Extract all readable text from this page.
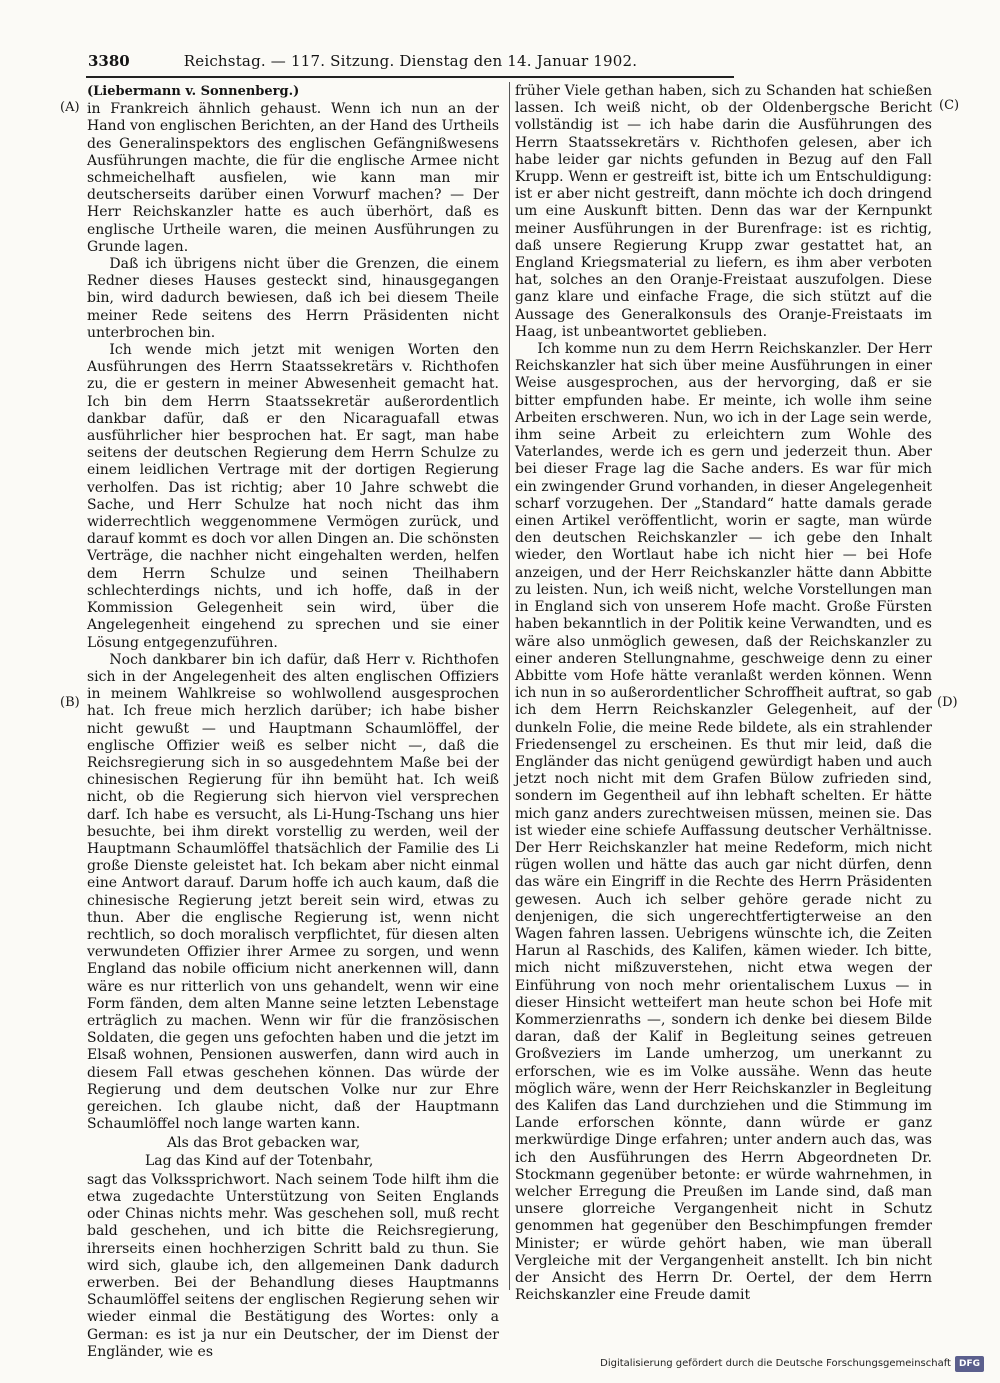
3380	Reichstag. — 117. Sitzung. Dienstag den 14. Januar 1902.
(A)
(B)
(C)
(D)
(Liebermann v. Sonnenberg.)

in Frankreich ähnlich gehaust. Wenn ich nun an der Hand von englischen Berichten, an der Hand des Urtheils des Generalinspektors des englischen Gefängnißwesens Ausführungen machte, die für die englische Armee nicht schmeichelhaft ausfielen, wie kann man mir deutscherseits darüber einen Vorwurf machen? — Der Herr Reichskanzler hatte es auch überhört, daß es englische Urtheile waren, die meinen Ausführungen zu Grunde lagen.

Daß ich übrigens nicht über die Grenzen, die einem Redner dieses Hauses gesteckt sind, hinausgegangen bin, wird dadurch bewiesen, daß ich bei diesem Theile meiner Rede seitens des Herrn Präsidenten nicht unterbrochen bin.

Ich wende mich jetzt mit wenigen Worten den Ausführungen des Herrn Staatssekretärs v. Richthofen zu, die er gestern in meiner Abwesenheit gemacht hat. Ich bin dem Herrn Staatssekretär außerordentlich dankbar dafür, daß er den Nicaraguafall etwas ausführlicher hier besprochen hat. Er sagt, man habe seitens der deutschen Regierung dem Herrn Schulze zu einem leidlichen Vertrage mit der dortigen Regierung verholfen. Das ist richtig; aber 10 Jahre schwebt die Sache, und Herr Schulze hat noch nicht das ihm widerrechtlich weggenommene Vermögen zurück, und darauf kommt es doch vor allen Dingen an. Die schönsten Verträge, die nachher nicht eingehalten werden, helfen dem Herrn Schulze und seinen Theilhabern schlechterdings nichts, und ich hoffe, daß in der Kommission Gelegenheit sein wird, über die Angelegenheit eingehend zu sprechen und sie einer Lösung entgegenzuführen.

Noch dankbarer bin ich dafür, daß Herr v. Richthofen sich in der Angelegenheit des alten englischen Offiziers in meinem Wahlkreise so wohlwollend ausgesprochen hat. Ich freue mich herzlich darüber; ich habe bisher nicht gewußt — und Hauptmann Schaumlöffel, der englische Offizier weiß es selber nicht —, daß die Reichsregierung sich in so ausgedehntem Maße bei der chinesischen Regierung für ihn bemüht hat. Ich weiß nicht, ob die Regierung sich hiervon viel versprechen darf. Ich habe es versucht, als Li-Hung-Tschang uns hier besuchte, bei ihm direkt vorstellig zu werden, weil der Hauptmann Schaumlöffel thatsächlich der Familie des Li große Dienste geleistet hat. Ich bekam aber nicht einmal eine Antwort darauf. Darum hoffe ich auch kaum, daß die chinesische Regierung jetzt bereit sein wird, etwas zu thun. Aber die englische Regierung ist, wenn nicht rechtlich, so doch moralisch verpflichtet, für diesen alten verwundeten Offizier ihrer Armee zu sorgen, und wenn England das nobile officium nicht anerkennen will, dann wäre es nur ritterlich von uns gehandelt, wenn wir eine Form fänden, dem alten Manne seine letzten Lebenstage erträglich zu machen. Wenn wir für die französischen Soldaten, die gegen uns gefochten haben und die jetzt im Elsaß wohnen, Pensionen auswerfen, dann wird auch in diesem Fall etwas geschehen können. Das würde der Regierung und dem deutschen Volke nur zur Ehre gereichen. Ich glaube nicht, daß der Hauptmann Schaumlöffel noch lange warten kann.

Als das Brot gebacken war,
Lag das Kind auf der Totenbahr,

sagt das Volkssprichwort. Nach seinem Tode hilft ihm die etwa zugedachte Unterstützung von Seiten Englands oder Chinas nichts mehr. Was geschehen soll, muß recht bald geschehen, und ich bitte die Reichsregierung, ihrerseits einen hochherzigen Schritt bald zu thun. Sie wird sich, glaube ich, den allgemeinen Dank dadurch erwerben. Bei der Behandlung dieses Hauptmanns Schaumlöffel seitens der englischen Regierung sehen wir wieder einmal die Bestätigung des Wortes: only a German: es ist ja nur ein Deutscher, der im Dienst der Engländer, wie es

früher Viele gethan haben, sich zu Schanden hat schießen lassen. Ich weiß nicht, ob der Oldenbergsche Bericht vollständig ist — ich habe darin die Ausführungen des Herrn Staatssekretärs v. Richthofen gelesen, aber ich habe leider gar nichts gefunden in Bezug auf den Fall Krupp. Wenn er gestreift ist, bitte ich um Entschuldigung: ist er aber nicht gestreift, dann möchte ich doch dringend um eine Auskunft bitten. Denn das war der Kernpunkt meiner Ausführungen in der Burenfrage: ist es richtig, daß unsere Regierung Krupp zwar gestattet hat, an England Kriegsmaterial zu liefern, es ihm aber verboten hat, solches an den Oranje-Freistaat auszufolgen. Diese ganz klare und einfache Frage, die sich stützt auf die Aussage des Generalkonsuls des Oranje-Freistaats im Haag, ist unbeantwortet geblieben.

Ich komme nun zu dem Herrn Reichskanzler. Der Herr Reichskanzler hat sich über meine Ausführungen in einer Weise ausgesprochen, aus der hervorging, daß er sie bitter empfunden habe. Er meinte, ich wolle ihm seine Arbeiten erschweren. Nun, wo ich in der Lage sein werde, ihm seine Arbeit zu erleichtern zum Wohle des Vaterlandes, werde ich es gern und jederzeit thun. Aber bei dieser Frage lag die Sache anders. Es war für mich ein zwingender Grund vorhanden, in dieser Angelegenheit scharf vorzugehen. Der „Standard“ hatte damals gerade einen Artikel veröffentlicht, worin er sagte, man würde den deutschen Reichskanzler — ich gebe den Inhalt wieder, den Wortlaut habe ich nicht hier — bei Hofe anzeigen, und der Herr Reichskanzler hätte dann Abbitte zu leisten. Nun, ich weiß nicht, welche Vorstellungen man in England sich von unserem Hofe macht. Große Fürsten haben bekanntlich in der Politik keine Verwandten, und es wäre also unmöglich gewesen, daß der Reichskanzler zu einer anderen Stellungnahme, geschweige denn zu einer Abbitte vom Hofe hätte veranlaßt werden können. Wenn ich nun in so außerordentlicher Schroffheit auftrat, so gab ich dem Herrn Reichskanzler Gelegenheit, auf der dunkeln Folie, die meine Rede bildete, als ein strahlender Friedensengel zu erscheinen. Es thut mir leid, daß die Engländer das nicht genügend gewürdigt haben und auch jetzt noch nicht mit dem Grafen Bülow zufrieden sind, sondern im Gegentheil auf ihn lebhaft schelten. Er hätte mich ganz anders zurechtweisen müssen, meinen sie. Das ist wieder eine schiefe Auffassung deutscher Verhältnisse. Der Herr Reichskanzler hat meine Redeform, mich nicht rügen wollen und hätte das auch gar nicht dürfen, denn das wäre ein Eingriff in die Rechte des Herrn Präsidenten gewesen. Auch ich selber gehöre gerade nicht zu denjenigen, die sich ungerechtfertigterweise an den Wagen fahren lassen. Uebrigens wünschte ich, die Zeiten Harun al Raschids, des Kalifen, kämen wieder. Ich bitte, mich nicht mißzuverstehen, nicht etwa wegen der Einführung von noch mehr orientalischem Luxus — in dieser Hinsicht wetteifert man heute schon bei Hofe mit Kommerzienraths —, sondern ich denke bei diesem Bilde daran, daß der Kalif in Begleitung seines getreuen Großveziers im Lande umherzog, um unerkannt zu erforschen, wie es im Volke aussähe. Wenn das heute möglich wäre, wenn der Herr Reichskanzler in Begleitung des Kalifen das Land durchziehen und die Stimmung im Lande erforschen könnte, dann würde er ganz merkwürdige Dinge erfahren; unter andern auch das, was ich den Ausführungen des Herrn Abgeordneten Dr. Stockmann gegenüber betonte: er würde wahrnehmen, in welcher Erregung die Preußen im Lande sind, daß man unsere glorreiche Vergangenheit nicht in Schutz genommen hat gegenüber den Beschimpfungen fremder Minister; er würde gehört haben, wie man überall Vergleiche mit der Vergangenheit anstellt. Ich bin nicht der Ansicht des Herrn Dr. Oertel, der dem Herrn Reichskanzler eine Freude damit

Digitalisierung gefördert durch die Deutsche Forschungsgemeinschaft DFG
